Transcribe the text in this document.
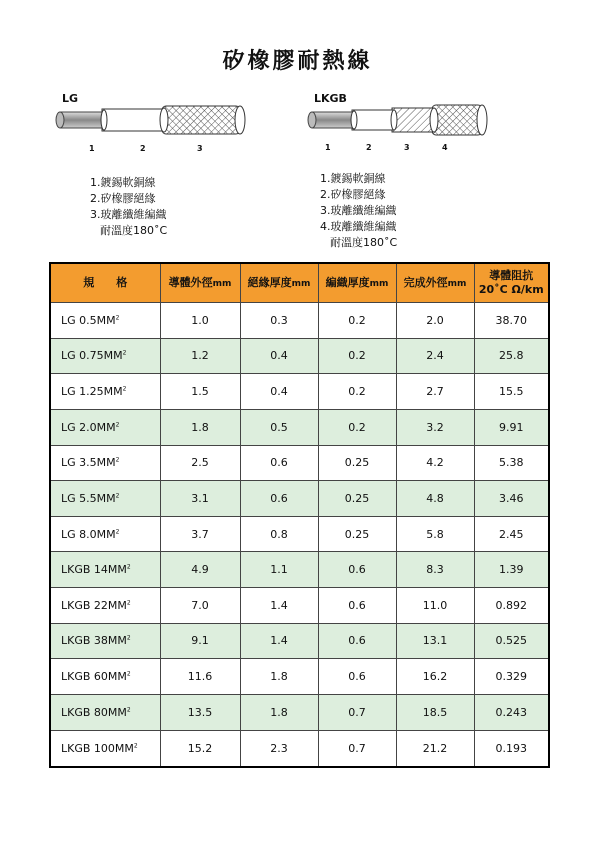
矽橡膠耐熱線
LG
1	2	3
LKGB
1	2	3	4
1.鍍錫軟銅線
2.矽橡膠絕緣
3.玻離纖維編織
耐溫度180˚C
1.鍍錫軟銅線
2.矽橡膠絕緣
3.玻離纖維編織
4.玻離纖維編織
耐溫度180˚C
規　　格	導體外徑mm	絕緣厚度mm	編織厚度mm	完成外徑mm	導體阻抗
20˚C Ω/km
LG $0.5MM^2$	1.0	0.3	0.2	2.0	38.70
LG $0.75MM^2$	1.2	0.4	0.2	2.4	25.8
LG $1.25MM^2$	1.5	0.4	0.2	2.7	15.5
LG $2.0MM^2$	1.8	0.5	0.2	3.2	9.91
LG $3.5MM^2$	2.5	0.6	0.25	4.2	5.38
LG $5.5MM^2$	3.1	0.6	0.25	4.8	3.46
LG $8.0MM^2$	3.7	0.8	0.25	5.8	2.45
LKGB $14MM^2$	4.9	1.1	0.6	8.3	1.39
LKGB $22MM^2$	7.0	1.4	0.6	11.0	0.892
LKGB $38MM^2$	9.1	1.4	0.6	13.1	0.525
LKGB $60MM^2$	11.6	1.8	0.6	16.2	0.329
LKGB $80MM^2$	13.5	1.8	0.7	18.5	0.243
LKGB $100MM^2$	15.2	2.3	0.7	21.2	0.193
